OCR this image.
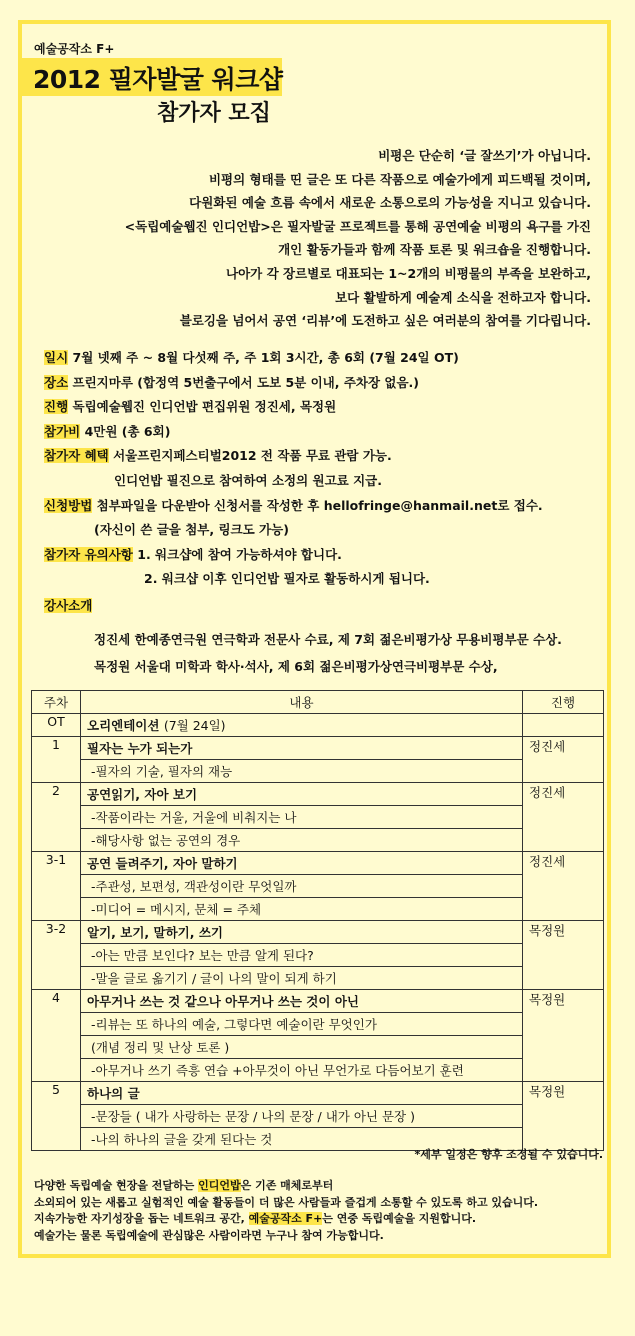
예술공작소 F+
2012 필자발굴 워크샵
참가자 모집
비평은 단순히 ‘글 잘쓰기’가 아닙니다.
비평의 형태를 띤 글은 또 다른 작품으로 예술가에게 피드백될 것이며,
다원화된 예술 흐름 속에서 새로운 소통으로의 가능성을 지니고 있습니다.
<독립예술웹진 인디언밥>은 필자발굴 프로젝트를 통해 공연예술 비평의 욕구를 가진
개인 활동가들과 함께 작품 토론 및 워크숍을 진행합니다.
나아가 각 장르별로 대표되는 1~2개의 비평물의 부족을 보완하고,
보다 활발하게 예술계 소식을 전하고자 합니다.
블로깅을 넘어서 공연 ‘리뷰’에 도전하고 싶은 여러분의 참여를 기다립니다.
일시 7월 넷째 주 ~ 8월 다섯째 주, 주 1회 3시간, 총 6회 (7월 24일 OT)
장소 프린지마루 (합정역 5번출구에서 도보 5분 이내, 주차장 없음.)
진행 독립예술웹진 인디언밥 편집위원 정진세, 목정원
참가비 4만원 (총 6회)
참가자 혜택 서울프린지페스티벌2012 전 작품 무료 관람 가능.
인디언밥 필진으로 참여하여 소정의 원고료 지급.
신청방법 첨부파일을 다운받아 신청서를 작성한 후 hellofringe@hanmail.net로 접수.
(자신이 쓴 글을 첨부, 링크도 가능)
참가자 유의사항 1. 워크샵에 참여 가능하셔야 합니다.
2. 워크샵 이후 인디언밥 필자로 활동하시게 됩니다.
강사소개
정진세 한예종연극원 연극학과 전문사 수료, 제 7회 젊은비평가상 무용비평부문 수상.
목정원 서울대 미학과 학사·석사, 제 6회 젊은비평가상연극비평부문 수상,
주차	내용	진행
OT	오리엔테이션 (7월 24일)	
1	필자는 누가 되는가	정진세
	-필자의 기술, 필자의 재능	
2	공연읽기, 자아 보기	정진세
	-작품이라는 거울, 거울에 비춰지는 나	
	-해당사항 없는 공연의 경우	
3-1	공연 들려주기, 자아 말하기	정진세
	-주관성, 보편성, 객관성이란 무엇일까	
	-미디어 = 메시지, 문체 = 주체	
3-2	알기, 보기, 말하기, 쓰기	목정원
	-아는 만큼 보인다? 보는 만큼 알게 된다?	
	-말을 글로 옮기기 / 글이 나의 말이 되게 하기	
4	아무거나 쓰는 것 같으나 아무거나 쓰는 것이 아닌	목정원
	-리뷰는 또 하나의 예술, 그렇다면 예술이란 무엇인가	
	(개념 정리 및 난상 토론 )	
	-아무거나 쓰기 즉흥 연습 +아무것이 아닌 무언가로 다듬어보기 훈련	
5	하나의 글	목정원
	-문장들 ( 내가 사랑하는 문장 / 나의 문장 / 내가 아닌 문장 )	
	-나의 하나의 글을 갖게 된다는 것	
*세부 일정은 향후 조정될 수 있습니다.
다양한 독립예술 현장을 전달하는 인디언밥은 기존 매체로부터
소외되어 있는 새롭고 실험적인 예술 활동들이 더 많은 사람들과 즐겁게 소통할 수 있도록 하고 있습니다.
지속가능한 자기성장을 돕는 네트워크 공간, 예술공작소 F+는 연중 독립예술을 지원합니다.
예술가는 물론 독립예술에 관심많은 사람이라면 누구나 참여 가능합니다.
